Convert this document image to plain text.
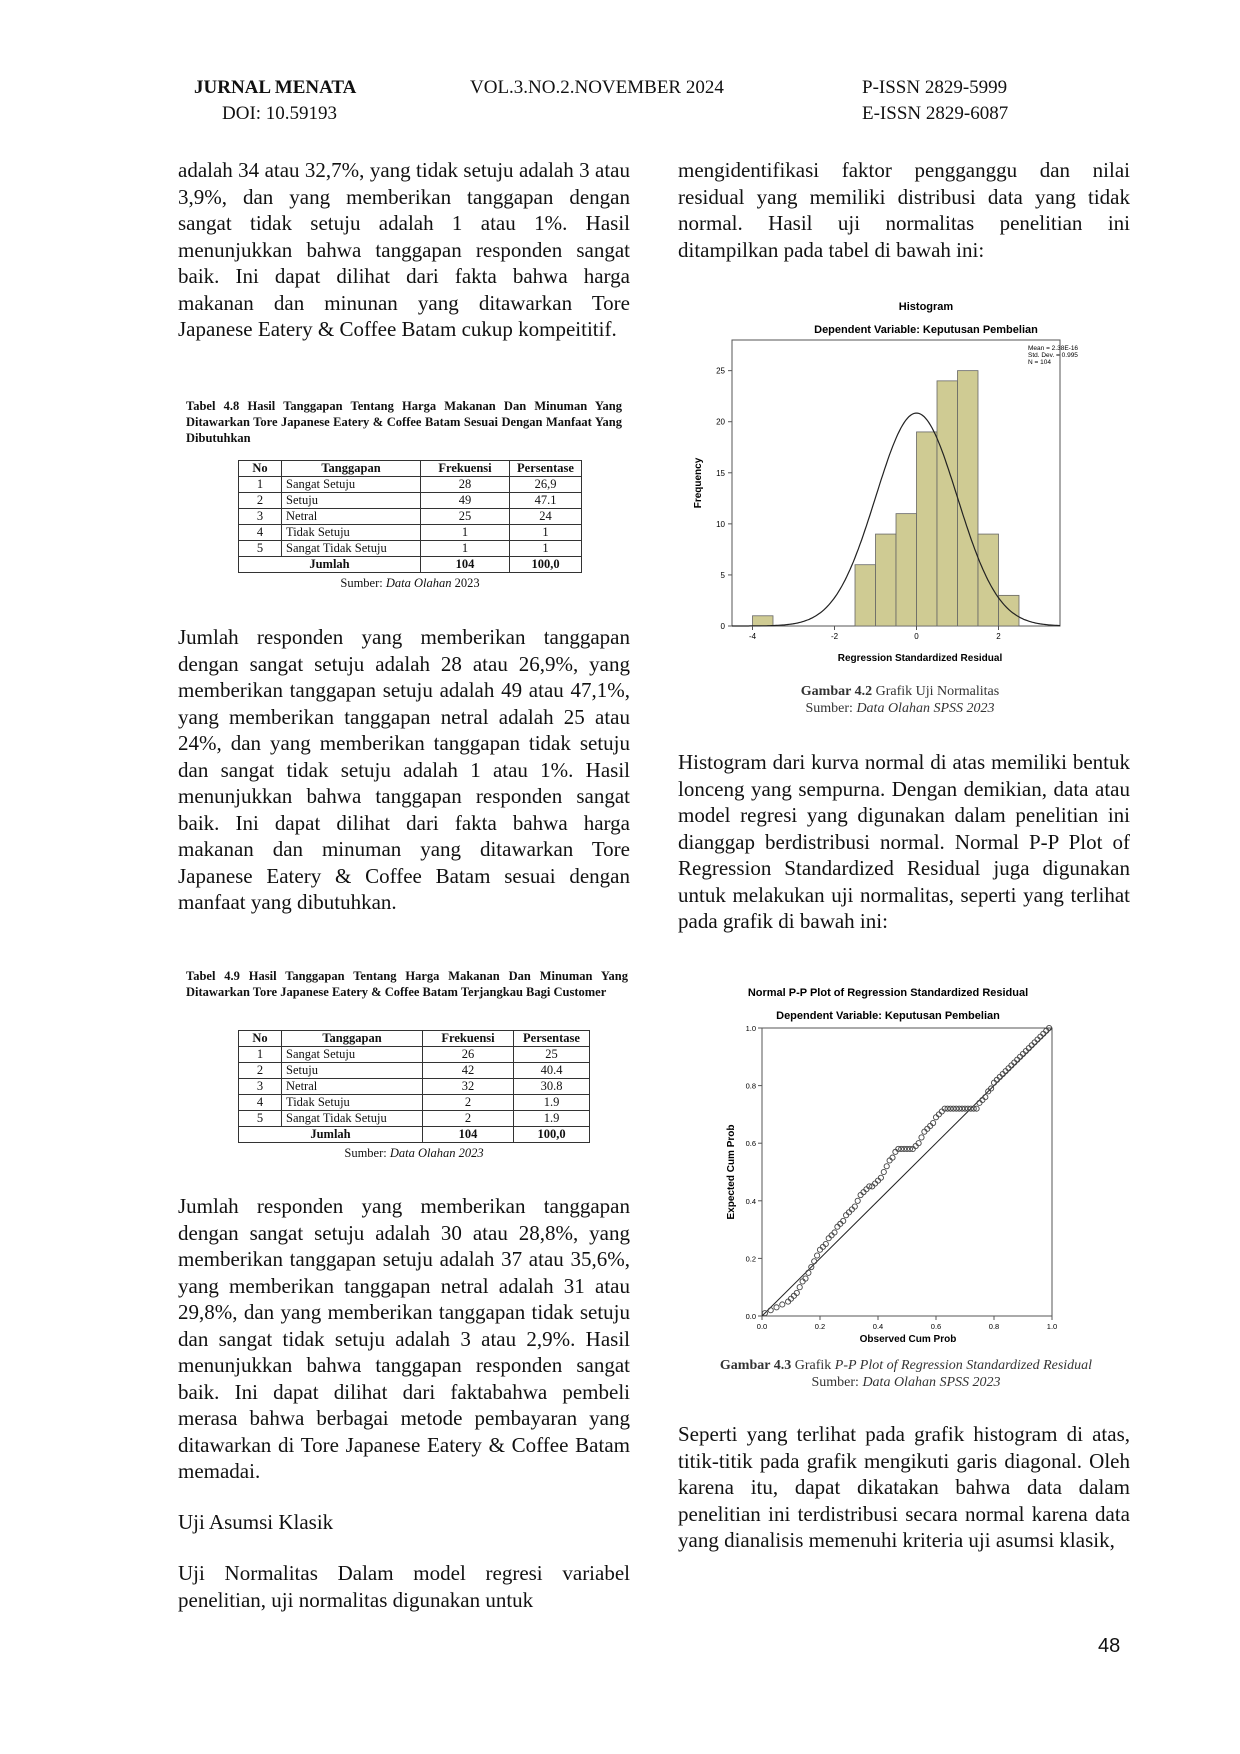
JURNAL MENATA
DOI: 10.59193
VOL.3.NO.2.NOVEMBER 2024	P-ISSN 2829-5999
E-ISSN 2829-6087

adalah 34 atau 32,7%, yang tidak setuju adalah 3 atau 3,9%, dan yang memberikan tanggapan dengan sangat tidak setuju adalah 1 atau 1%. Hasil menunjukkan bahwa tanggapan responden sangat baik. Ini dapat dilihat dari fakta bahwa harga makanan dan minunan yang ditawarkan Tore Japanese Eatery & Coffee Batam cukup kompeititif.

Tabel 4.8 Hasil Tanggapan Tentang Harga Makanan Dan Minuman Yang Ditawarkan Tore Japanese Eatery & Coffee Batam Sesuai Dengan Manfaat Yang Dibutuhkan
No	Tanggapan	Frekuensi	Persentase
1	Sangat Setuju	28	26,9
2	Setuju	49	47.1
3	Netral	25	24
4	Tidak Setuju	1	1
5	Sangat Tidak Setuju	1	1
Jumlah		104	100,0
Sumber: Data Olahan 2023

Jumlah responden yang memberikan tanggapan dengan sangat setuju adalah 28 atau 26,9%, yang memberikan tanggapan setuju adalah 49 atau 47,1%, yang memberikan tanggapan netral adalah 25 atau 24%, dan yang memberikan tanggapan tidak setuju dan sangat tidak setuju adalah 1 atau 1%. Hasil menunjukkan bahwa tanggapan responden sangat baik. Ini dapat dilihat dari fakta bahwa harga makanan dan minuman yang ditawarkan Tore Japanese Eatery & Coffee Batam sesuai dengan manfaat yang dibutuhkan.

Tabel 4.9 Hasil Tanggapan Tentang Harga Makanan Dan Minuman Yang Ditawarkan Tore Japanese Eatery & Coffee Batam Terjangkau Bagi Customer
No	Tanggapan	Frekuensi	Persentase
1	Sangat Setuju	26	25
2	Setuju	42	40.4
3	Netral	32	30.8
4	Tidak Setuju	2	1.9
5	Sangat Tidak Setuju	2	1.9
Jumlah		104	100,0
Sumber: Data Olahan 2023

Jumlah responden yang memberikan tanggapan dengan sangat setuju adalah 30 atau 28,8%, yang memberikan tanggapan setuju adalah 37 atau 35,6%, yang memberikan tanggapan netral adalah 31 atau 29,8%, dan yang memberikan tanggapan tidak setuju dan sangat tidak setuju adalah 3 atau 2,9%. Hasil menunjukkan bahwa tanggapan responden sangat baik. Ini dapat dilihat dari faktabahwa pembeli merasa bahwa berbagai metode pembayaran yang ditawarkan di Tore Japanese Eatery & Coffee Batam memadai.

Uji Asumsi Klasik

Uji Normalitas Dalam model regresi variabel penelitian, uji normalitas digunakan untuk

mengidentifikasi faktor pengganggu dan nilai residual yang memiliki distribusi data yang tidak normal. Hasil uji normalitas penelitian ini ditampilkan pada tabel di bawah ini:

Histogram
Dependent Variable: Keputusan Pembelian
Mean = 2.38E-16
Std. Dev. = 0.995
N = 104
0
5
10
15
20
25
-4	-2	0	2
Frequency
Regression Standardized Residual
Gambar 4.2 Grafik Uji Normalitas
Sumber: Data Olahan SPSS 2023

Histogram dari kurva normal di atas memiliki bentuk lonceng yang sempurna. Dengan demikian, data atau model regresi yang digunakan dalam penelitian ini dianggap berdistribusi normal. Normal P-P Plot of Regression Standardized Residual juga digunakan untuk melakukan uji normalitas, seperti yang terlihat pada grafik di bawah ini:

Normal P-P Plot of Regression Standardized Residual
Dependent Variable: Keputusan Pembelian
0.0
0.2
0.4
0.6
0.8
1.0
0.0	0.2	0.4	0.6	0.8	1.0
Expected Cum Prob
Observed Cum Prob
Gambar 4.3 Grafik P-P Plot of Regression Standardized Residual
Sumber: Data Olahan SPSS 2023

Seperti yang terlihat pada grafik histogram di atas, titik-titik pada grafik mengikuti garis diagonal. Oleh karena itu, dapat dikatakan bahwa data dalam penelitian ini terdistribusi secara normal karena data yang dianalisis memenuhi kriteria uji asumsi klasik,

48
